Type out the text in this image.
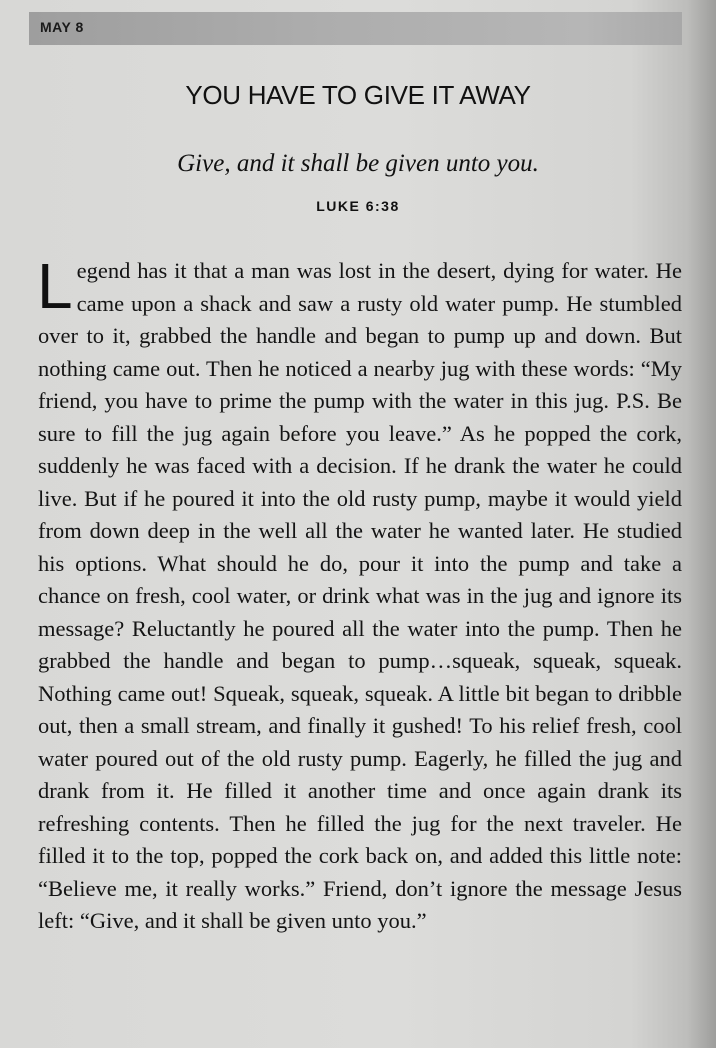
MAY 8
YOU HAVE TO GIVE IT AWAY
Give, and it shall be given unto you.
LUKE 6:38

Legend has it that a man was lost in the desert, dying for water. He came upon a shack and saw a rusty old water pump. He stumbled over to it, grabbed the handle and began to pump up and down. But nothing came out. Then he noticed a nearby jug with these words: “My friend, you have to prime the pump with the water in this jug. P.S. Be sure to fill the jug again before you leave.” As he popped the cork, suddenly he was faced with a decision. If he drank the water he could live. But if he poured it into the old rusty pump, maybe it would yield from down deep in the well all the water he wanted later. He studied his options. What should he do, pour it into the pump and take a chance on fresh, cool water, or drink what was in the jug and ignore its message? Reluctantly he poured all the water into the pump. Then he grabbed the handle and began to pump…squeak, squeak, squeak. Nothing came out! Squeak, squeak, squeak. A little bit began to dribble out, then a small stream, and finally it gushed! To his relief fresh, cool water poured out of the old rusty pump. Eagerly, he filled the jug and drank from it. He filled it another time and once again drank its refreshing contents. Then he filled the jug for the next traveler. He filled it to the top, popped the cork back on, and added this little note: “Believe me, it really works.” Friend, don’t ignore the message Jesus left: “Give, and it shall be given unto you.”
